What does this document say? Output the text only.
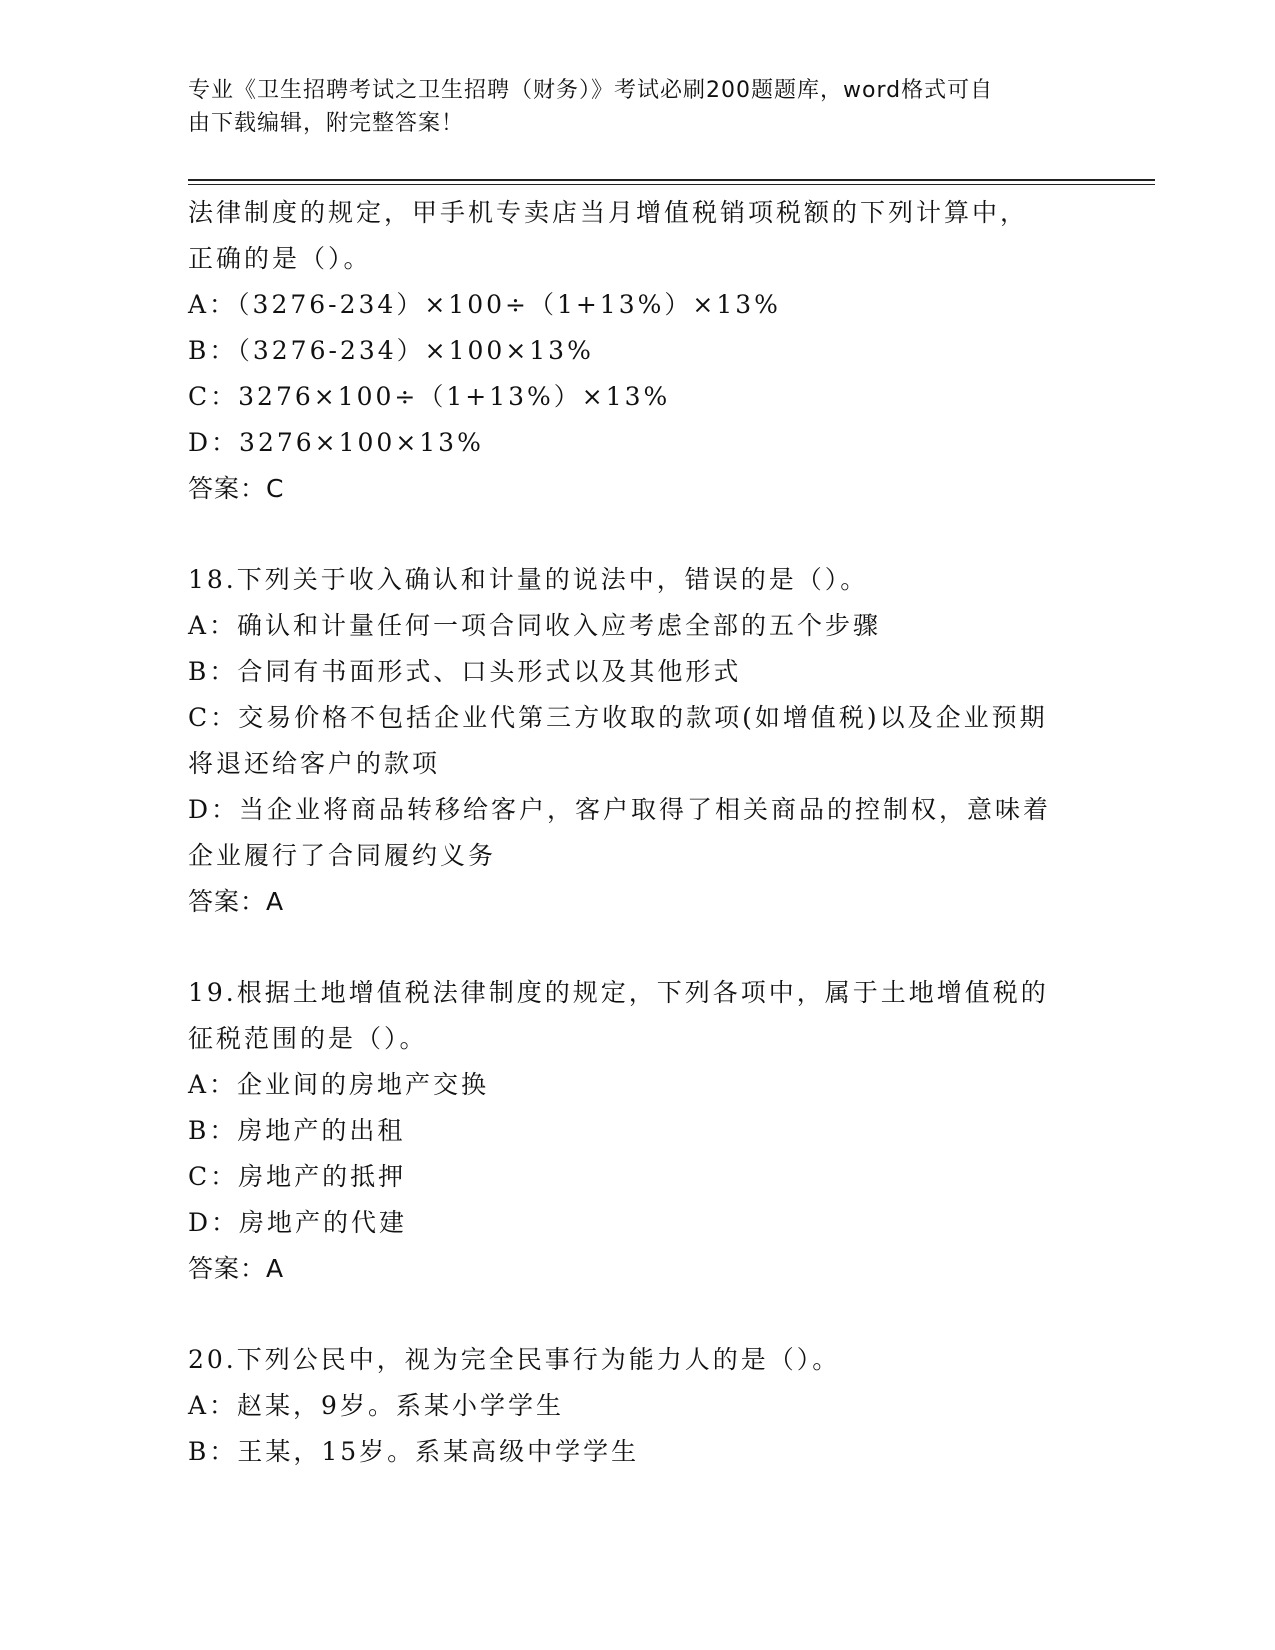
专业《卫生招聘考试之卫生招聘（财务）》考试必刷200题题库，word格式可自
由下载编辑，附完整答案！
法律制度的规定，甲手机专卖店当月增值税销项税额的下列计算中，
正确的是（）。
A：（3276-234）×100÷（1+13%）×13%
B：（3276-234）×100×13%
C：3276×100÷（1+13%）×13%
D：3276×100×13%
答案：C
18.下列关于收入确认和计量的说法中，错误的是（）。
A：确认和计量任何一项合同收入应考虑全部的五个步骤
B：合同有书面形式、口头形式以及其他形式
C：交易价格不包括企业代第三方收取的款项(如增值税)以及企业预期
将退还给客户的款项
D：当企业将商品转移给客户，客户取得了相关商品的控制权，意味着
企业履行了合同履约义务
答案：A
19.根据土地增值税法律制度的规定，下列各项中，属于土地增值税的
征税范围的是（）。
A：企业间的房地产交换
B：房地产的出租
C：房地产的抵押
D：房地产的代建
答案：A
20.下列公民中，视为完全民事行为能力人的是（）。
A：赵某，9岁。系某小学学生
B：王某，15岁。系某高级中学学生
